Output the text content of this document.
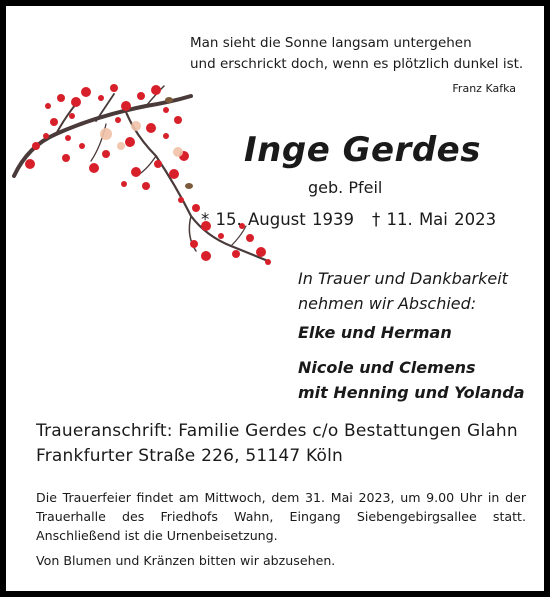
Man sieht die Sonne langsam untergehen
und erschrickt doch, wenn es plötzlich dunkel ist.
Franz Kafka
Inge Gerdes
geb. Pfeil
* 15. August 1939 † 11. Mai 2023
In Trauer und Dankbarkeit
nehmen wir Abschied:
Elke und Herman
Nicole und Clemens
mit Henning und Yolanda
Traueranschrift: Familie Gerdes c/o Bestattungen Glahn
Frankfurter Straße 226, 51147 Köln
Die Trauerfeier findet am Mittwoch, dem 31. Mai 2023, um 9.00 Uhr in der Trauerhalle des Friedhofs Wahn, Eingang Siebengebirgsallee statt. Anschließend ist die Urnenbeisetzung.
Von Blumen und Kränzen bitten wir abzusehen.
